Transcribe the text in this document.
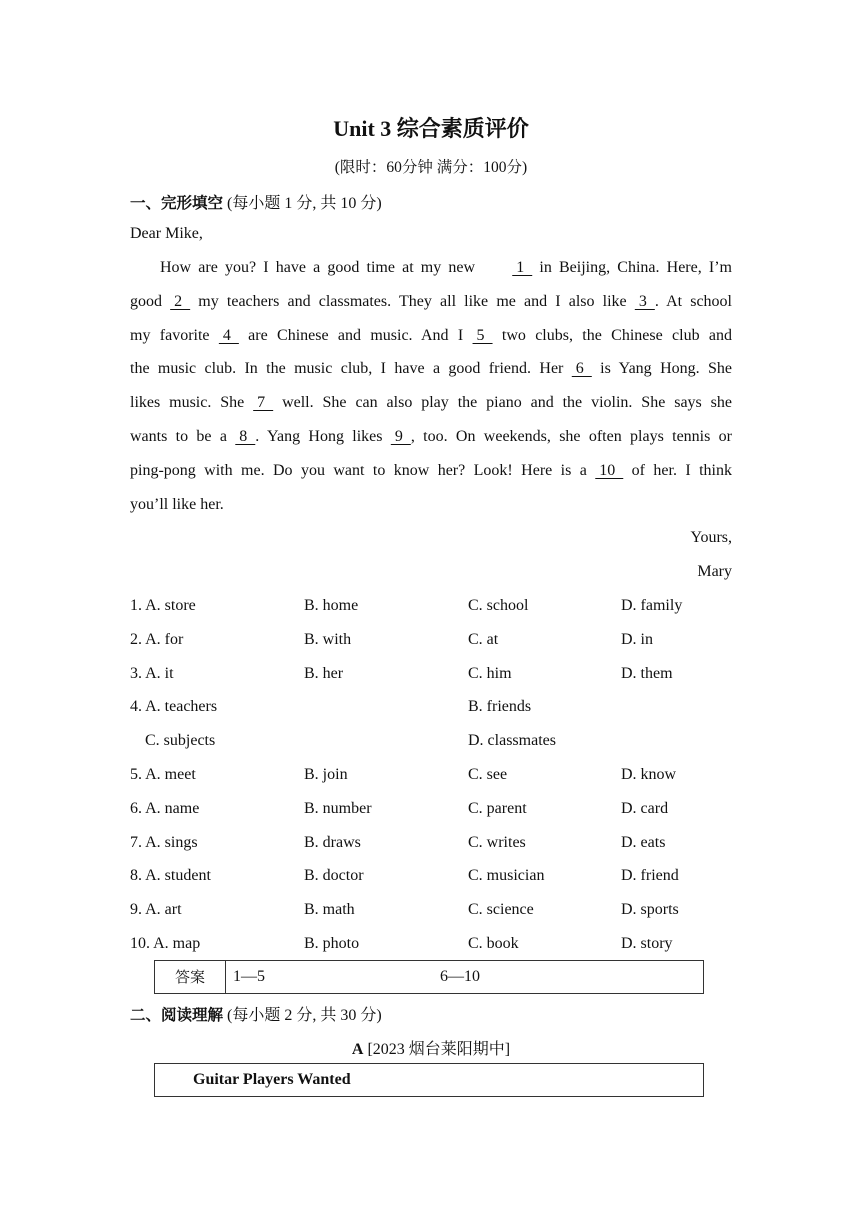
Unit 3 综合素质评价
(限时：60分钟 满分：100分)
一、完形填空 (每小题 1 分, 共 10 分)
Dear Mike,
How are you? I have a good time at my new  1   in Beijing, China. Here, I’m
good  2   my teachers and classmates. They all like me and I also like  3  . At school
my favorite  4   are Chinese and music. And I  5   two clubs, the Chinese club and
the music club. In the music club, I have a good friend. Her  6   is Yang Hong. She
likes music. She  7   well. She can also play the piano and the violin. She says she
wants to be a  8  . Yang Hong likes  9  , too. On weekends, she often plays tennis or
ping-pong with me. Do you want to know her? Look! Here is a  10   of her. I think
you’ll like her.
Yours,
Mary
1. A. store	B. home	C. school	D. family
2. A. for	B. with	C. at	D. in
3. A. it	B. her	C. him	D. them
4. A. teachers	B. friends
C. subjects	D. classmates
5. A. meet	B. join	C. see	D. know
6. A. name	B. number	C. parent	D. card
7. A. sings	B. draws	C. writes	D. eats
8. A. student	B. doctor	C. musician	D. friend
9. A. art	B. math	C. science	D. sports
10. A. map	B. photo	C. book	D. story
答案	1—5	6—10
二、阅读理解 (每小题 2 分, 共 30 分)
A [2023 烟台莱阳期中]
Guitar Players Wanted
